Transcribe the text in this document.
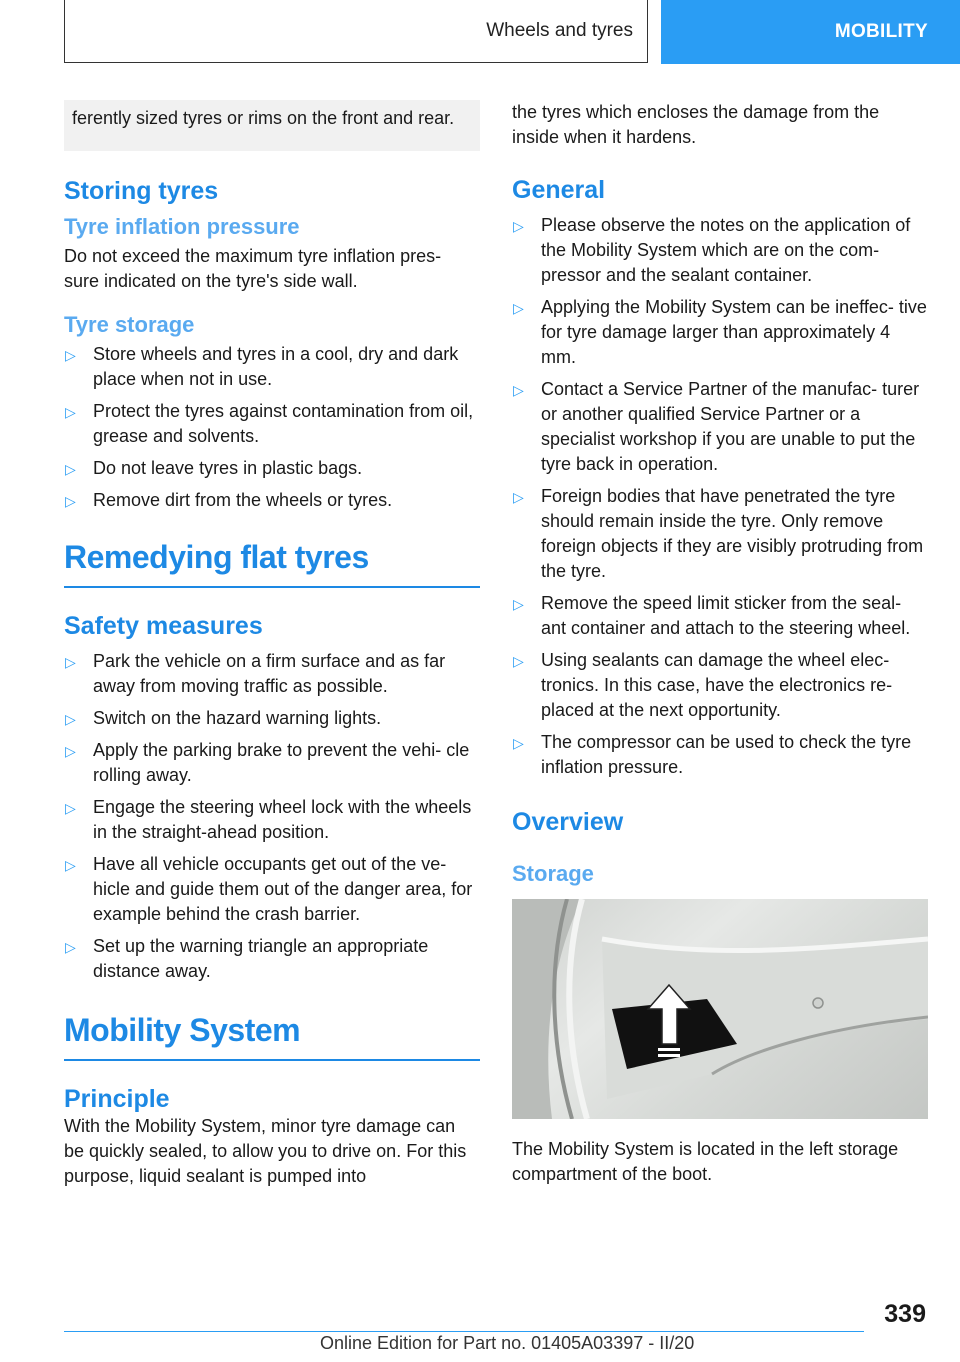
Wheels and tyres	MOBILITY
ferently sized tyres or rims on the front and rear.
Storing tyres
Tyre inflation pressure

Do not exceed the maximum tyre inflation pres‐ sure indicated on the tyre's side wall.

Tyre storage
▷ Store wheels and tyres in a cool, dry and dark place when not in use.
▷ Protect the tyres against contamination from oil, grease and solvents.
▷ Do not leave tyres in plastic bags.
▷ Remove dirt from the wheels or tyres.
Remedying flat tyres
Safety measures
▷ Park the vehicle on a firm surface and as far away from moving traffic as possible.
▷ Switch on the hazard warning lights.
▷ Apply the parking brake to prevent the vehi‐ cle rolling away.
▷ Engage the steering wheel lock with the wheels in the straight-ahead position.
▷ Have all vehicle occupants get out of the ve‐ hicle and guide them out of the danger area, for example behind the crash barrier.
▷ Set up the warning triangle an appropriate distance away.
Mobility System
Principle

With the Mobility System, minor tyre damage can be quickly sealed, to allow you to drive on. For this purpose, liquid sealant is pumped into

the tyres which encloses the damage from the inside when it hardens.

General
▷ Please observe the notes on the application of the Mobility System which are on the com‐ pressor and the sealant container.
▷ Applying the Mobility System can be ineffec‐ tive for tyre damage larger than approximately 4 mm.
▷ Contact a Service Partner of the manufac‐ turer or another qualified Service Partner or a specialist workshop if you are unable to put the tyre back in operation.
▷ Foreign bodies that have penetrated the tyre should remain inside the tyre. Only remove foreign objects if they are visibly protruding from the tyre.
▷ Remove the speed limit sticker from the seal‐ ant container and attach to the steering wheel.
▷ Using sealants can damage the wheel elec‐ tronics. In this case, have the electronics re‐ placed at the next opportunity.
▷ The compressor can be used to check the tyre inflation pressure.
Overview
Storage

The Mobility System is located in the left storage compartment of the boot.

339
Online Edition for Part no. 01405A03397 - II/20
